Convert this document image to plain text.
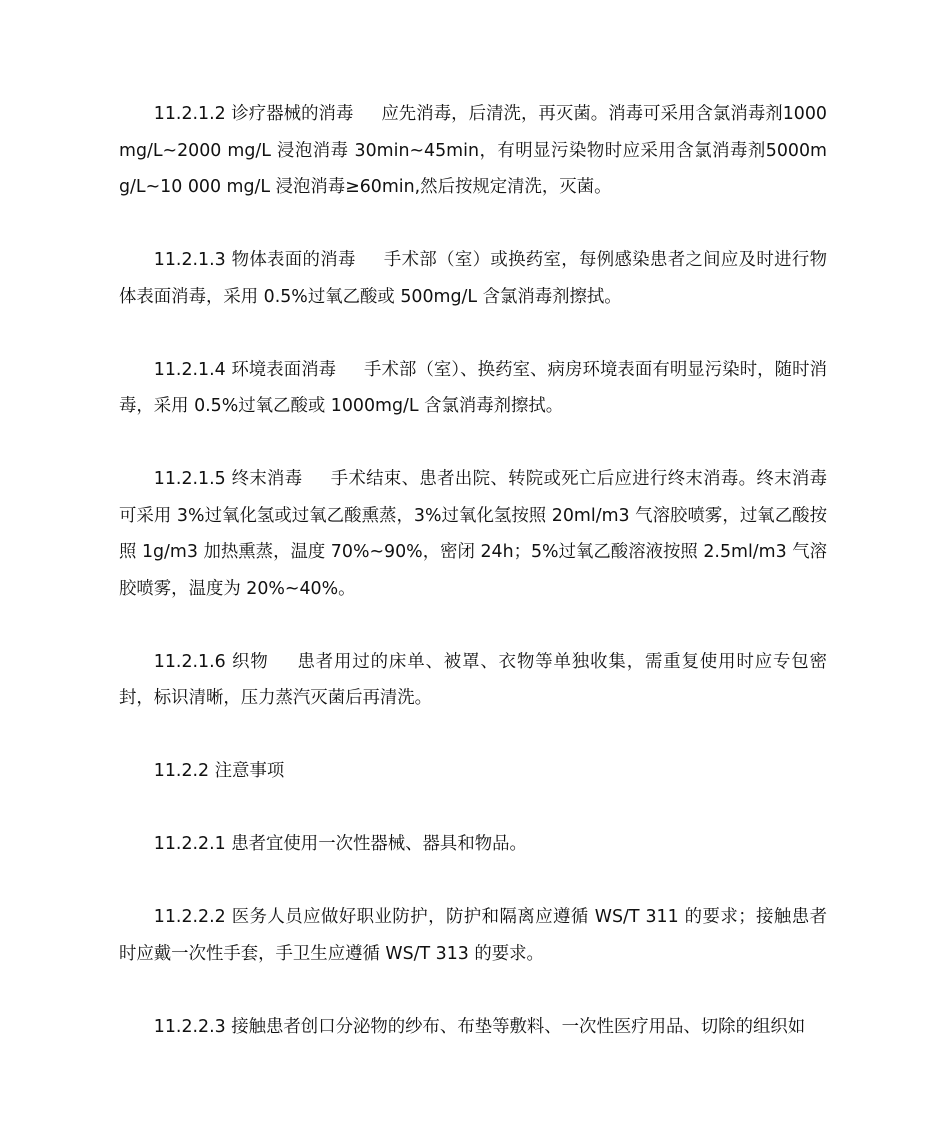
11.2.1.2 诊疗器械的消毒 应先消毒，后清洗，再灭菌。消毒可采用含氯消毒剂1000mg/L~2000 mg/L 浸泡消毒 30min~45min，有明显污染物时应采用含氯消毒剂5000mg/L~10 000 mg/L 浸泡消毒≥60min,然后按规定清洗，灭菌。

11.2.1.3 物体表面的消毒 手术部（室）或换药室，每例感染患者之间应及时进行物体表面消毒，采用 0.5%过氧乙酸或 500mg/L 含氯消毒剂擦拭。

11.2.1.4 环境表面消毒 手术部（室）、换药室、病房环境表面有明显污染时，随时消毒，采用 0.5%过氧乙酸或 1000mg/L 含氯消毒剂擦拭。

11.2.1.5 终末消毒 手术结束、患者出院、转院或死亡后应进行终末消毒。终末消毒可采用 3%过氧化氢或过氧乙酸熏蒸，3%过氧化氢按照 20ml/m3 气溶胶喷雾，过氧乙酸按照 1g/m3 加热熏蒸，温度 70%~90%，密闭 24h；5%过氧乙酸溶液按照 2.5ml/m3 气溶胶喷雾，温度为 20%~40%。

11.2.1.6 织物 患者用过的床单、被罩、衣物等单独收集，需重复使用时应专包密封，标识清晰，压力蒸汽灭菌后再清洗。

11.2.2 注意事项

11.2.2.1 患者宜使用一次性器械、器具和物品。

11.2.2.2 医务人员应做好职业防护，防护和隔离应遵循 WS/T 311 的要求；接触患者时应戴一次性手套，手卫生应遵循 WS/T 313 的要求。

11.2.2.3 接触患者创口分泌物的纱布、布垫等敷料、一次性医疗用品、切除的组织如
